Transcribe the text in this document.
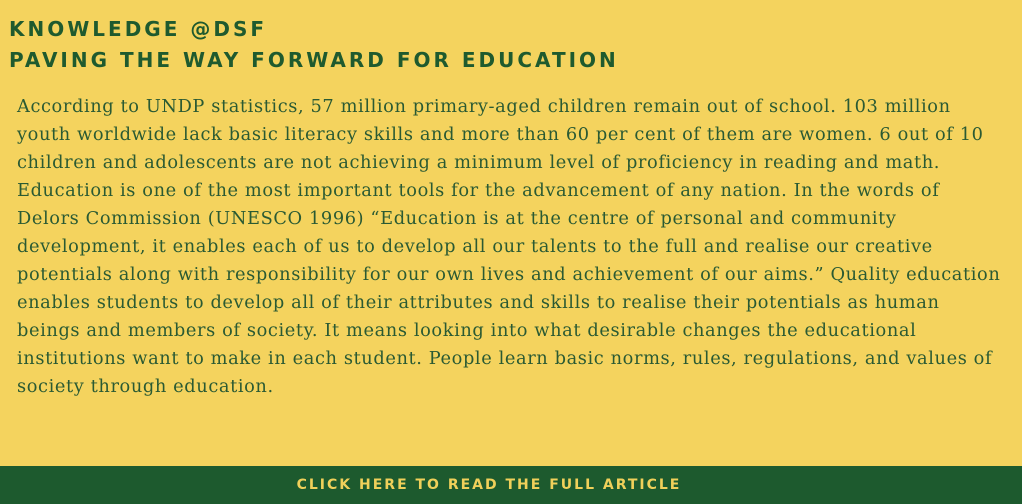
KNOWLEDGE @DSF
PAVING THE WAY FORWARD FOR EDUCATION

According to UNDP statistics, 57 million primary-aged children remain out of school. 103 million youth worldwide lack basic literacy skills and more than 60 per cent of them are women. 6 out of 10 children and adolescents are not achieving a minimum level of proficiency in reading and math.

Education is one of the most important tools for the advancement of any nation. In the words of Delors Commission (UNESCO 1996) “Education is at the centre of personal and community development, it enables each of us to develop all our talents to the full and realise our creative potentials along with responsibility for our own lives and achievement of our aims.” Quality education enables students to develop all of their attributes and skills to realise their potentials as human beings and members of society. It means looking into what desirable changes the educational institutions want to make in each student. People learn basic norms, rules, regulations, and values of society through education.

CLICK HERE TO READ THE FULL ARTICLE
